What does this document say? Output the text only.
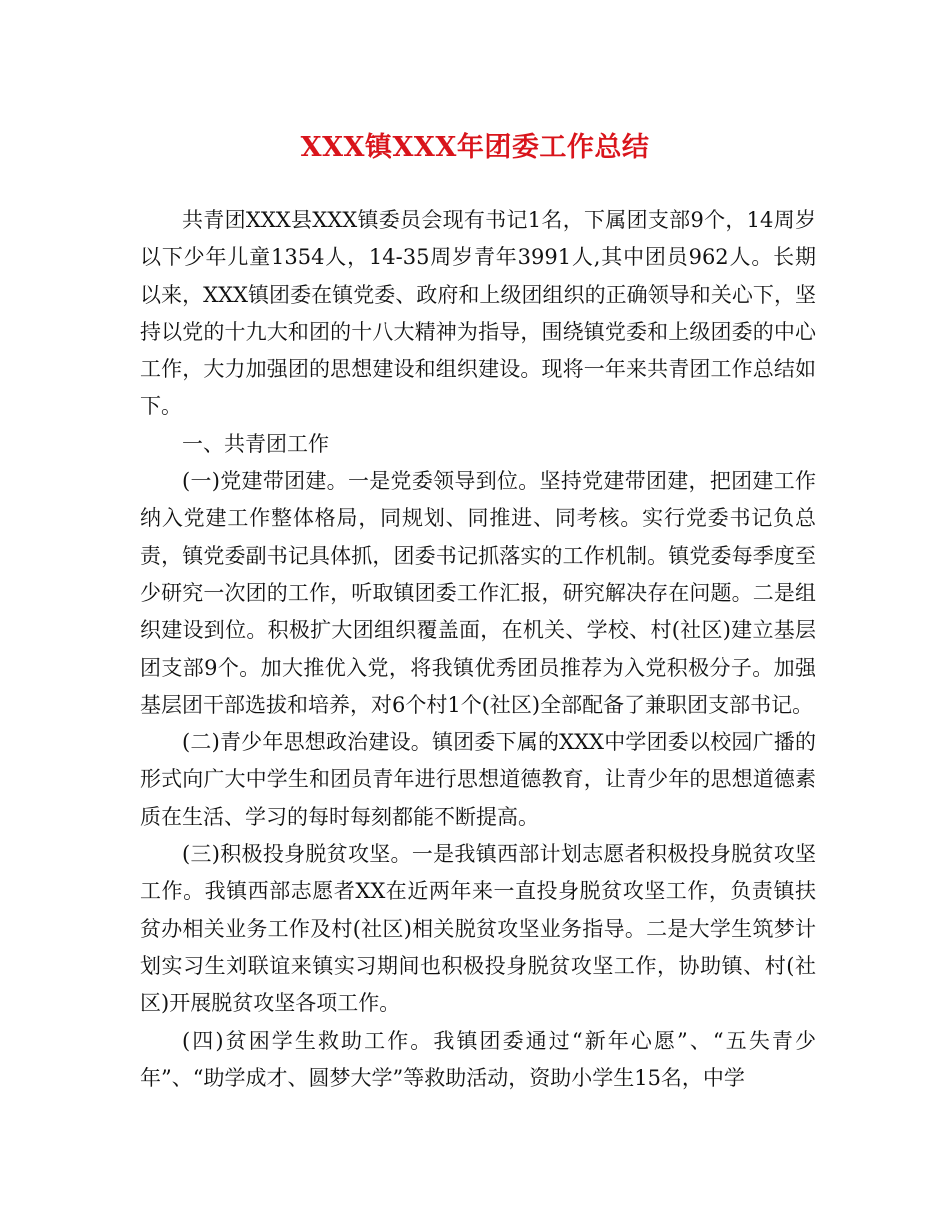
XXX镇XXX年团委工作总结

共青团XXX县XXX镇委员会现有书记1名，下属团支部9个，14周岁以下少年儿童1354人，14-35周岁青年3991人,其中团员962人。长期以来，XXX镇团委在镇党委、政府和上级团组织的正确领导和关心下，坚持以党的十九大和团的十八大精神为指导，围绕镇党委和上级团委的中心工作，大力加强团的思想建设和组织建设。现将一年来共青团工作总结如下。

一、共青团工作

(一)党建带团建。一是党委领导到位。坚持党建带团建，把团建工作纳入党建工作整体格局，同规划、同推进、同考核。实行党委书记负总责，镇党委副书记具体抓，团委书记抓落实的工作机制。镇党委每季度至少研究一次团的工作，听取镇团委工作汇报，研究解决存在问题。二是组织建设到位。积极扩大团组织覆盖面，在机关、学校、村(社区)建立基层团支部9个。加大推优入党，将我镇优秀团员推荐为入党积极分子。加强基层团干部选拔和培养，对6个村1个(社区)全部配备了兼职团支部书记。

(二)青少年思想政治建设。镇团委下属的XXX中学团委以校园广播的形式向广大中学生和团员青年进行思想道德教育，让青少年的思想道德素质在生活、学习的每时每刻都能不断提高。

(三)积极投身脱贫攻坚。一是我镇西部计划志愿者积极投身脱贫攻坚工作。我镇西部志愿者XX在近两年来一直投身脱贫攻坚工作，负责镇扶贫办相关业务工作及村(社区)相关脱贫攻坚业务指导。二是大学生筑梦计划实习生刘联谊来镇实习期间也积极投身脱贫攻坚工作，协助镇、村(社区)开展脱贫攻坚各项工作。

(四)贫困学生救助工作。我镇团委通过“新年心愿”、“五失青少年”、“助学成才、圆梦大学”等救助活动，资助小学生15名，中学
